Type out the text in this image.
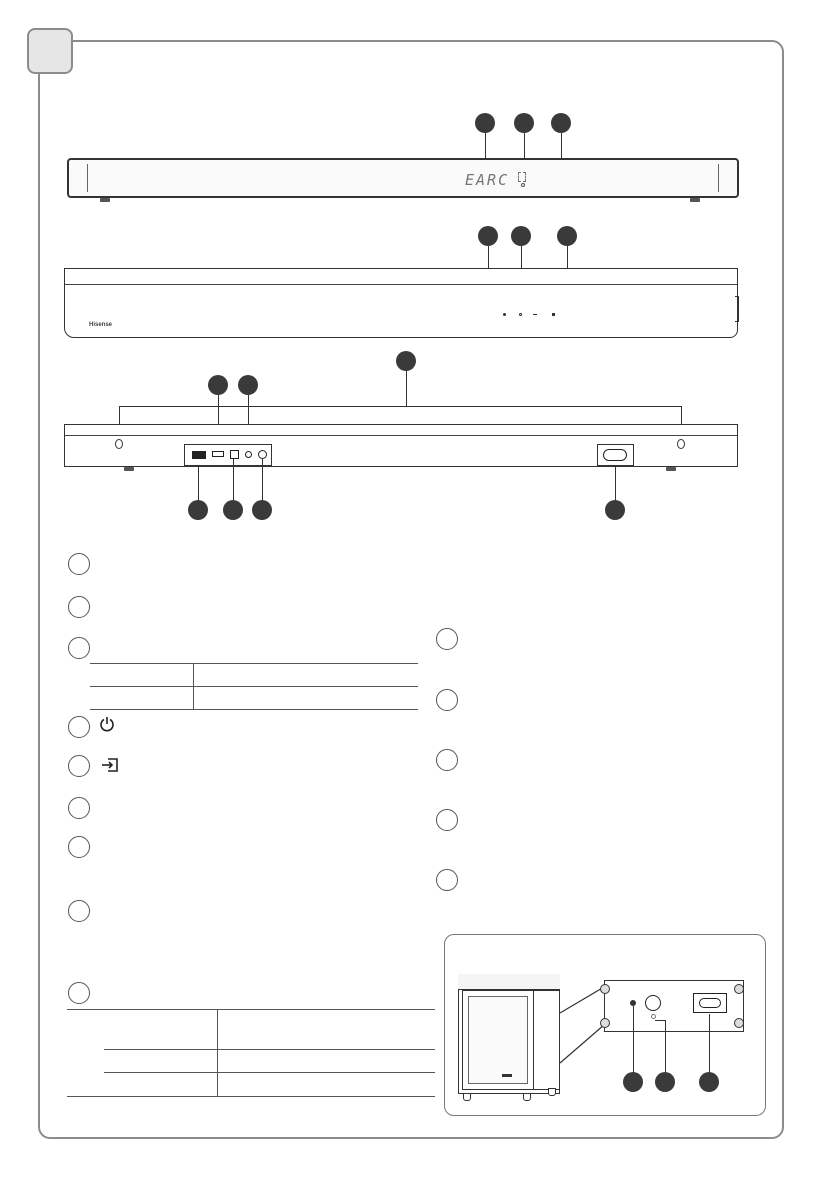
EARC
Hisense
